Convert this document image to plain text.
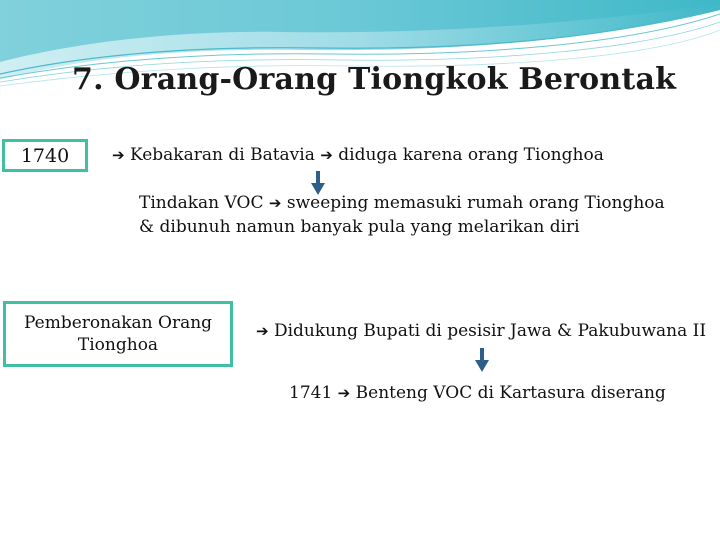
7. Orang-Orang Tiongkok Berontak
1740	➔ Kebakaran di Batavia ➔ diduga karena orang Tionghoa
Tindakan VOC ➔ sweeping memasuki rumah orang Tionghoa
& dibunuh namun banyak pula yang melarikan diri
Pemberonakan Orang
Tionghoa
➔ Didukung Bupati di pesisir Jawa & Pakubuwana II
1741 ➔ Benteng VOC di Kartasura diserang
